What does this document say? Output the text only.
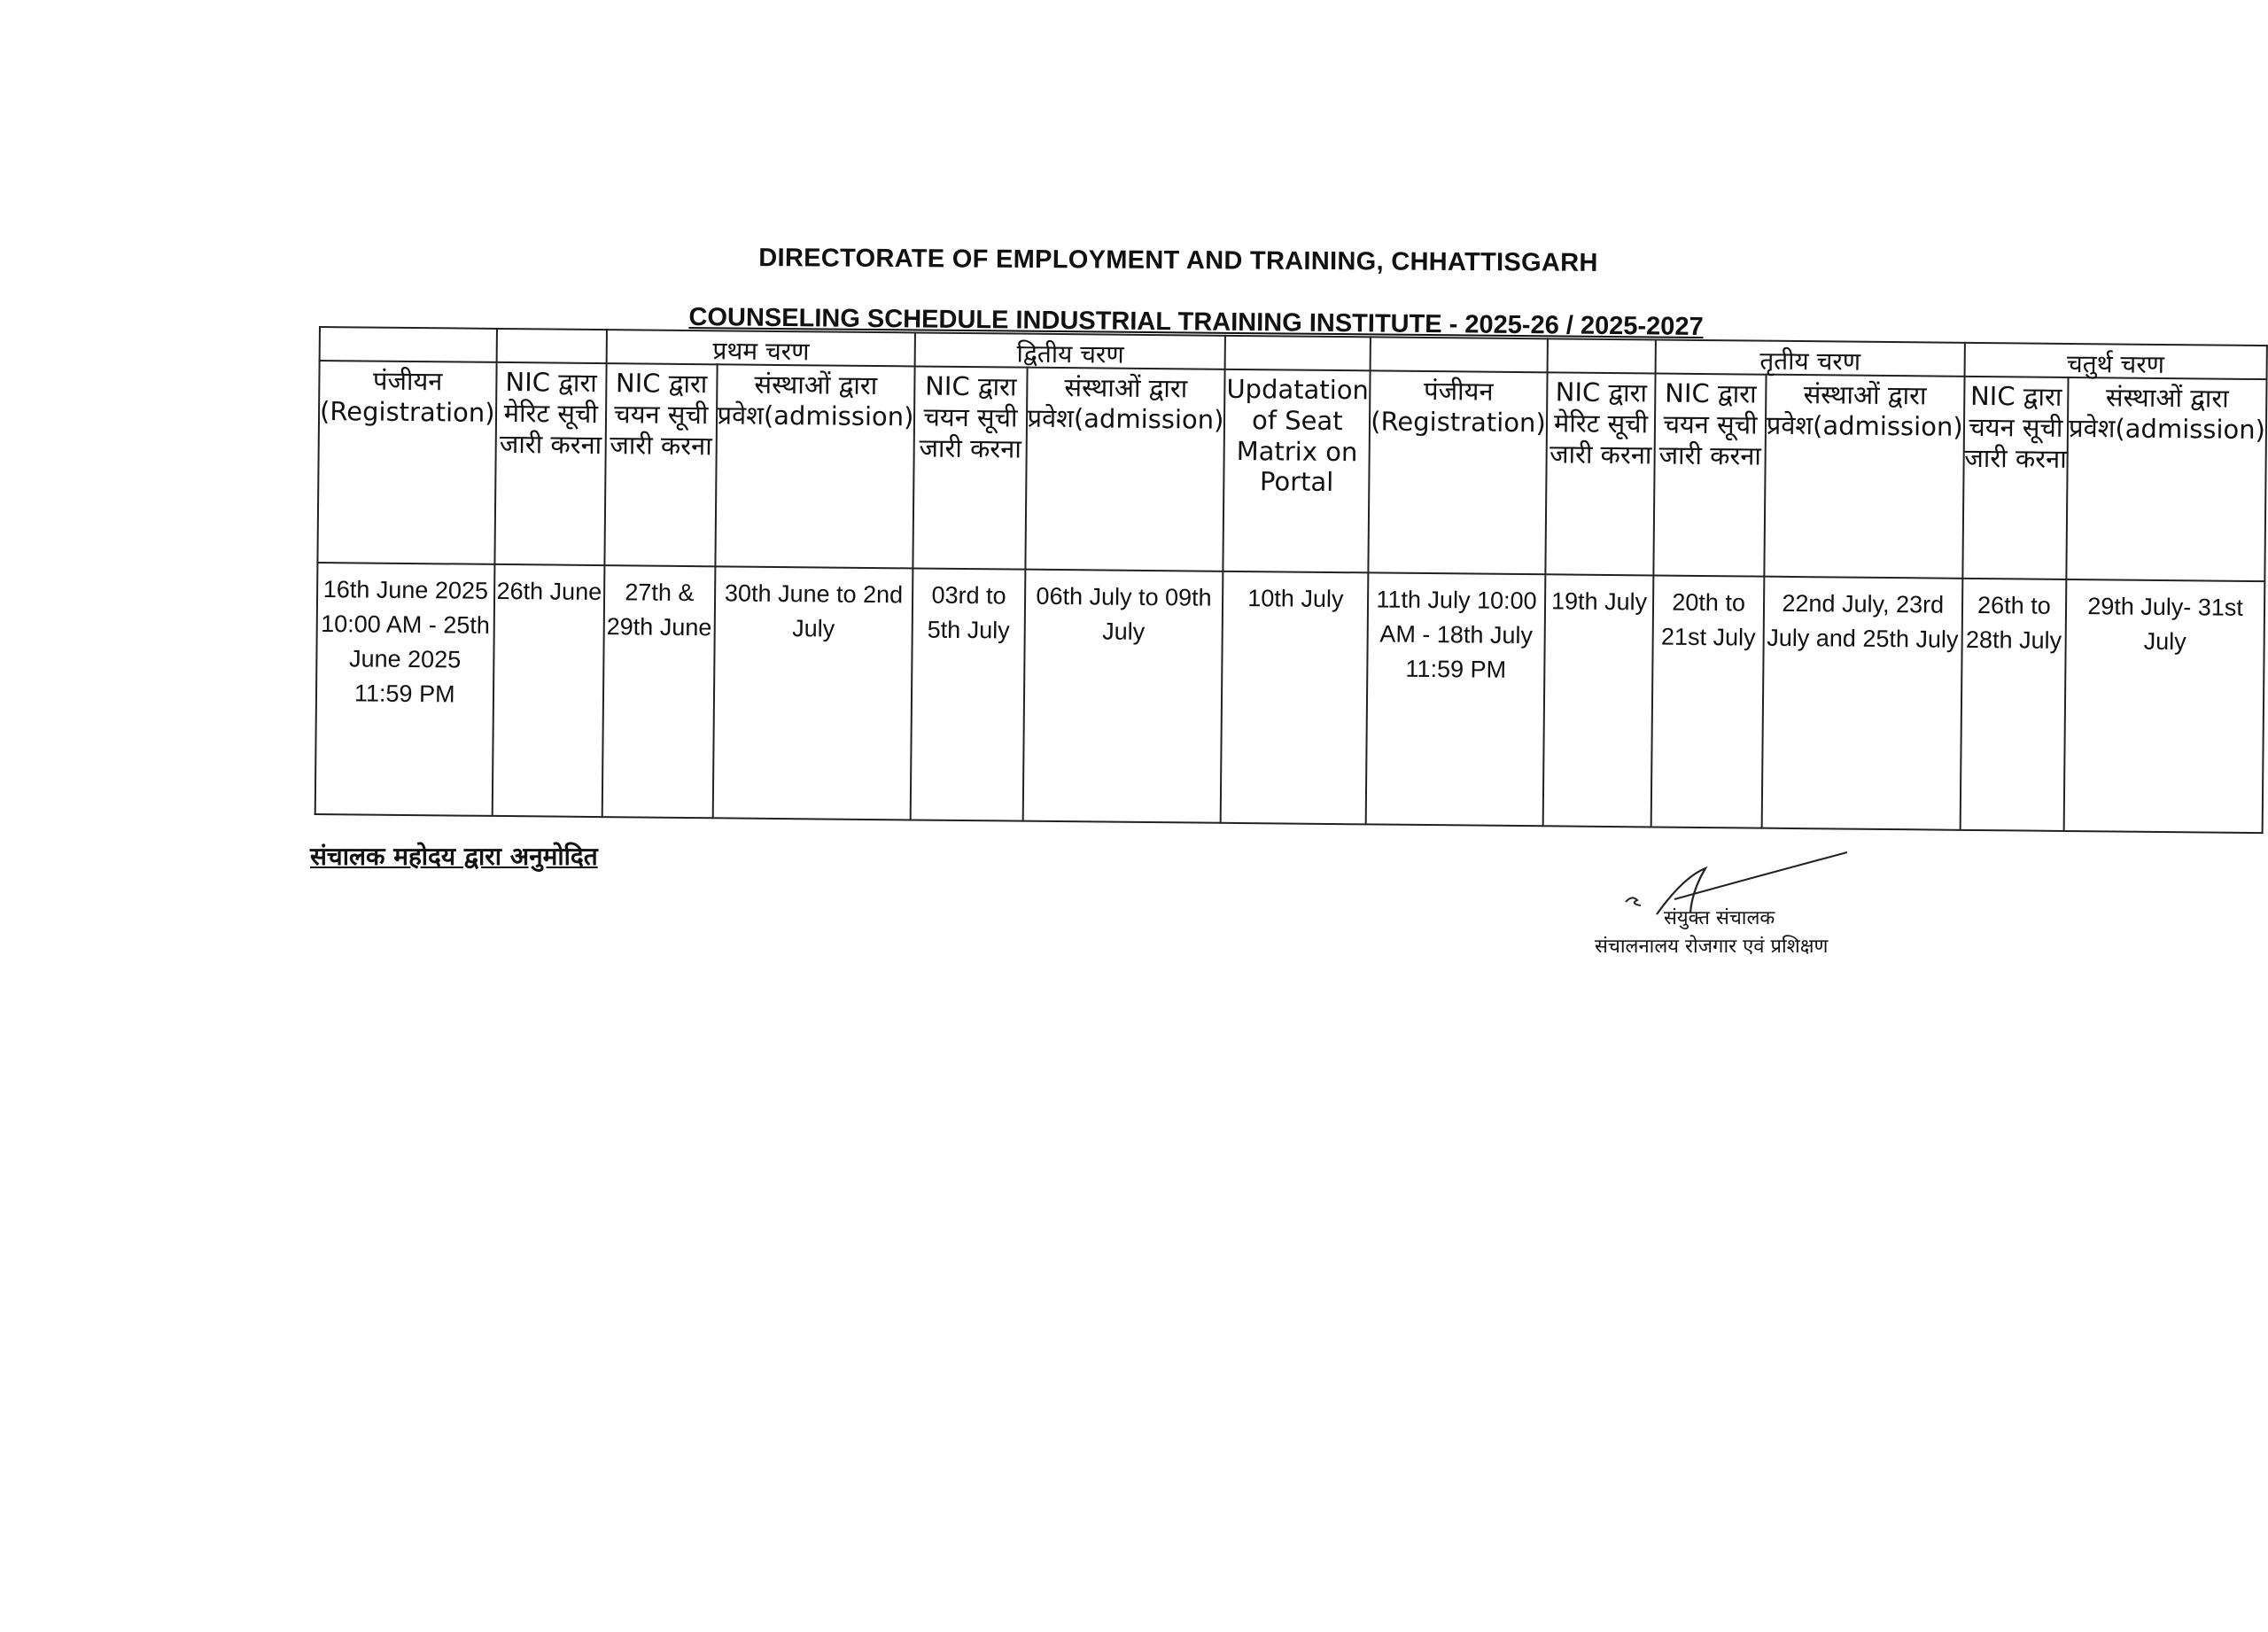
DIRECTORATE OF EMPLOYMENT AND TRAINING, CHHATTISGARH
COUNSELING SCHEDULE INDUSTRIAL TRAINING INSTITUTE - 2025-26 / 2025-2027
		प्रथम चरण		द्वितीय चरण					तृतीय चरण		चतुर्थ चरण	
पंजीयन (Registration)	NIC द्वारा मेरिट सूची जारी करना	NIC द्वारा चयन सूची जारी करना	संस्थाओं द्वारा प्रवेश(admission)	NIC द्वारा चयन सूची जारी करना	संस्थाओं द्वारा प्रवेश(admission)	Updatation of Seat Matrix on Portal	पंजीयन (Registration)	NIC द्वारा मेरिट सूची जारी करना	NIC द्वारा चयन सूची जारी करना	संस्थाओं द्वारा प्रवेश(admission)	NIC द्वारा चयन सूची जारी करना	संस्थाओं द्वारा प्रवेश(admission)
16th June 2025 10:00 AM - 25th June 2025 11:59 PM	26th June	27th & 29th June	30th June to 2nd July	03rd to 5th July	06th July to 09th July	10th July	11th July 10:00 AM - 18th July 11:59 PM	19th July	20th to 21st July	22nd July, 23rd July and 25th July	26th to 28th July	29th July- 31st July
संचालक महोदय द्वारा अनुमोदित
संयुक्त संचालक
संचालनालय रोजगार एवं प्रशिक्षण
